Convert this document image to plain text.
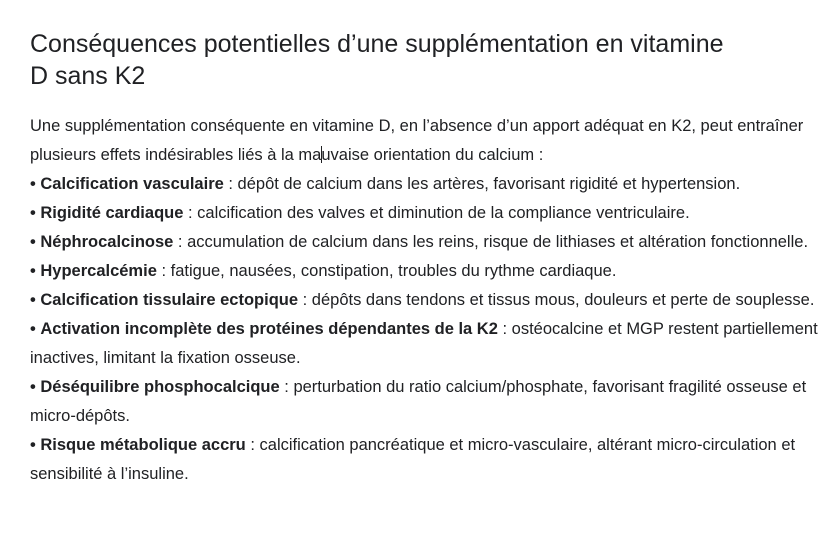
Conséquences potentielles d’une supplémentation en vitamine D sans K2

Une supplémentation conséquente en vitamine D, en l’absence d’un apport adéquat en K2, peut entraîner plusieurs effets indésirables liés à la mauvaise orientation du calcium :

• Calcification vasculaire : dépôt de calcium dans les artères, favorisant rigidité et hypertension.
• Rigidité cardiaque : calcification des valves et diminution de la compliance ventriculaire.
• Néphrocalcinose : accumulation de calcium dans les reins, risque de lithiases et altération fonctionnelle.
• Hypercalcémie : fatigue, nausées, constipation, troubles du rythme cardiaque.
• Calcification tissulaire ectopique : dépôts dans tendons et tissus mous, douleurs et perte de souplesse.
• Activation incomplète des protéines dépendantes de la K2 : ostéocalcine et MGP restent partiellement inactives, limitant la fixation osseuse.
• Déséquilibre phosphocalcique : perturbation du ratio calcium/phosphate, favorisant fragilité osseuse et micro-dépôts.
• Risque métabolique accru : calcification pancréatique et micro-vasculaire, altérant micro-circulation et sensibilité à l’insuline.
